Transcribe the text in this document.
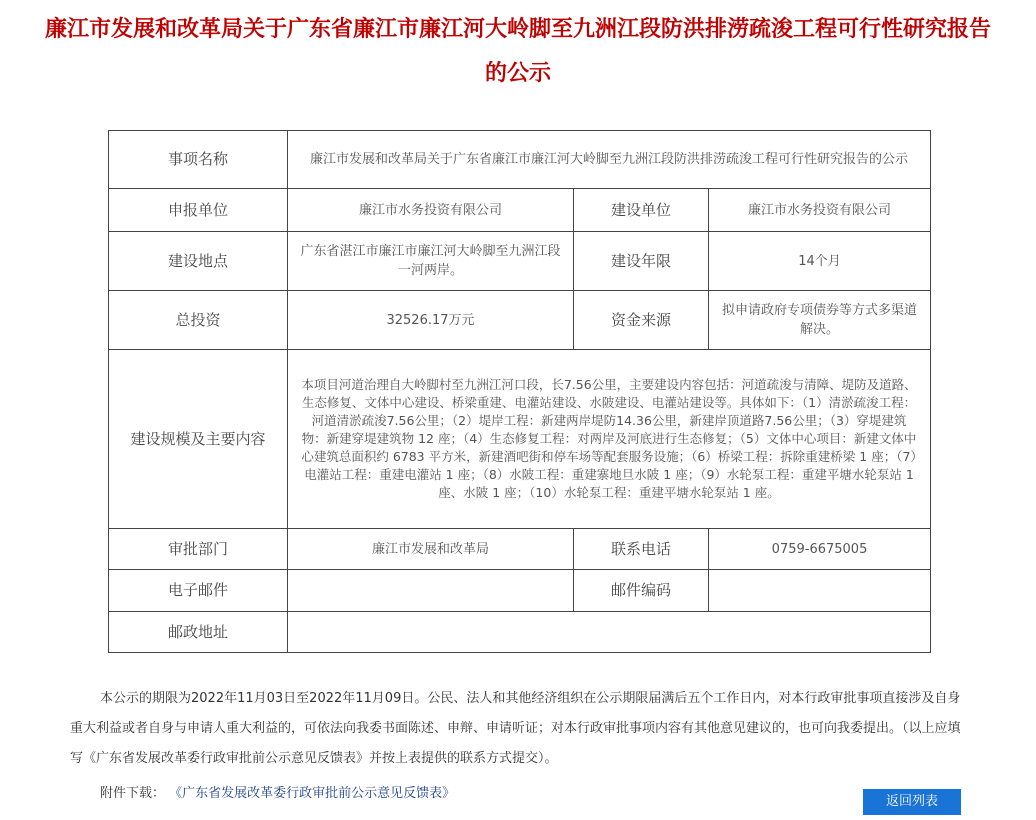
廉江市发展和改革局关于广东省廉江市廉江河大岭脚至九洲江段防洪排涝疏浚工程可行性研究报告
的公示
事项名称	廉江市发展和改革局关于广东省廉江市廉江河大岭脚至九洲江段防洪排涝疏浚工程可行性研究报告的公示		
申报单位	廉江市水务投资有限公司	建设单位	廉江市水务投资有限公司
建设地点	广东省湛江市廉江市廉江河大岭脚至九洲江段一河两岸。	建设年限	14个月
总投资	32526.17万元	资金来源	拟申请政府专项债券等方式多渠道解决。
建设规模及主要内容	本项目河道治理自大岭脚村至九洲江河口段，长7.56公里，主要建设内容包括：河道疏浚与清障、堤防及道路、生态修复、文体中心建设、桥梁重建、电灌站建设、水陂建设、电灌站建设等。具体如下：（1）清淤疏浚工程：河道清淤疏浚7.56公里；（2）堤岸工程：新建两岸堤防14.36公里，新建岸顶道路7.56公里；（3）穿堤建筑物：新建穿堤建筑物 12 座；（4）生态修复工程：对两岸及河底进行生态修复；（5）文体中心项目：新建文体中心建筑总面积约 6783 平方米，新建酒吧街和停车场等配套服务设施；（6）桥梁工程：拆除重建桥梁 1 座；（7）电灌站工程：重建电灌站 1 座；（8）水陂工程：重建寨地旦水陂 1 座；（9）水轮泵工程：重建平塘水轮泵站 1 座、水陂 1 座；（10）水轮泵工程：重建平塘水轮泵站 1 座。		
审批部门	廉江市发展和改革局	联系电话	0759-6675005
电子邮件		邮件编码	
邮政地址			

本公示的期限为2022年11月03日至2022年11月09日。公民、法人和其他经济组织在公示期限届满后五个工作日内，对本行政审批事项直接涉及自身重大利益或者自身与申请人重大利益的，可依法向我委书面陈述、申辩、申请听证；对本行政审批事项内容有其他意见建议的，也可向我委提出。（以上应填写《广东省发展改革委行政审批前公示意见反馈表》并按上表提供的联系方式提交）。

附件下载： 《广东省发展改革委行政审批前公示意见反馈表》
返回列表
